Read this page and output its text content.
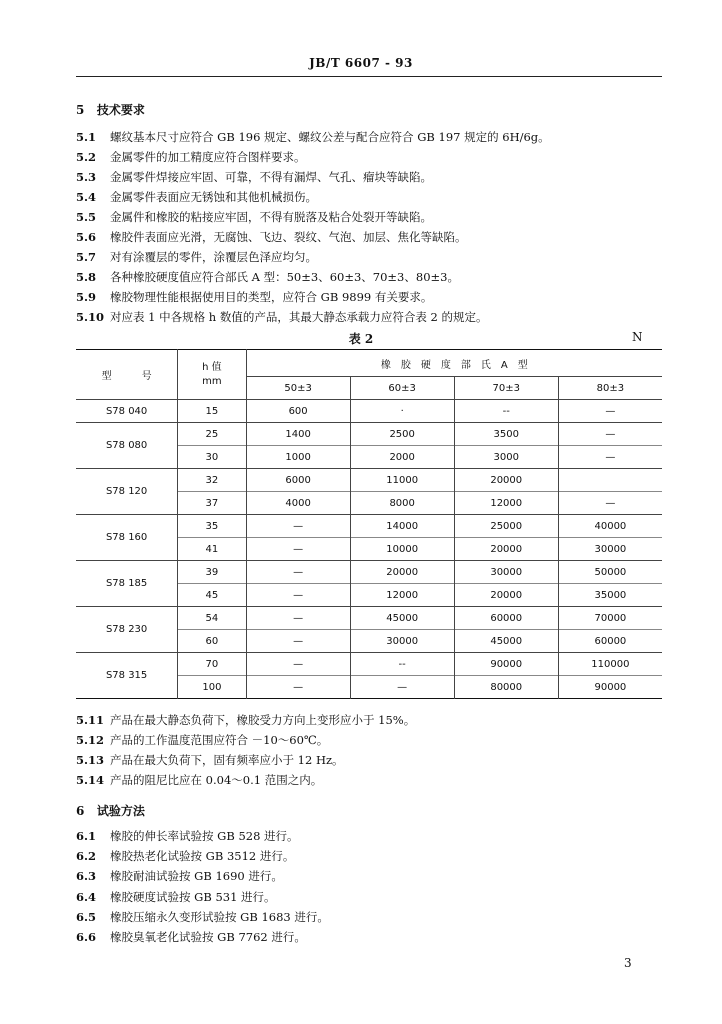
JB/T 6607 - 93
5 技术要求
5.1 螺纹基本尺寸应符合 GB 196 规定、螺纹公差与配合应符合 GB 197 规定的 6H/6g。
5.2 金属零件的加工精度应符合图样要求。
5.3 金属零件焊接应牢固、可靠，不得有漏焊、气孔、瘤块等缺陷。
5.4 金属零件表面应无锈蚀和其他机械损伤。
5.5 金属件和橡胶的粘接应牢固，不得有脱落及粘合处裂开等缺陷。
5.6 橡胶件表面应光滑，无腐蚀、飞边、裂纹、气泡、加层、焦化等缺陷。
5.7 对有涂覆层的零件，涂覆层色泽应均匀。
5.8 各种橡胶硬度值应符合部氏 A 型：50±3、60±3、70±3、80±3。
5.9 橡胶物理性能根据使用目的类型，应符合 GB 9899 有关要求。
5.10 对应表 1 中各规格 h 数值的产品，其最大静态承载力应符合表 2 的规定。
表 2	N
型　　　号	h 值
mm	橡　胶　硬　度　部　氏　A　型			
		50±3	60±3	70±3	80±3
S78 040	15	600	·	--	—
S78 080	25	1400	2500	3500	—
	30	1000	2000	3000	—
S78 120	32	6000	11000	20000	
	37	4000	8000	12000	—
S78 160	35	—	14000	25000	40000
	41	—	10000	20000	30000
S78 185	39	—	20000	30000	50000
	45	—	12000	20000	35000
S78 230	54	—	45000	60000	70000
	60	—	30000	45000	60000
S78 315	70	—	--	90000	110000
	100	—	—	80000	90000
5.11 产品在最大静态负荷下，橡胶受力方向上变形应小于 15%。
5.12 产品的工作温度范围应符合 －10～60℃。
5.13 产品在最大负荷下，固有频率应小于 12 Hz。
5.14 产品的阻尼比应在 0.04～0.1 范围之内。
6 试验方法
6.1 橡胶的伸长率试验按 GB 528 进行。
6.2 橡胶热老化试验按 GB 3512 进行。
6.3 橡胶耐油试验按 GB 1690 进行。
6.4 橡胶硬度试验按 GB 531 进行。
6.5 橡胶压缩永久变形试验按 GB 1683 进行。
6.6 橡胶臭氧老化试验按 GB 7762 进行。
3
